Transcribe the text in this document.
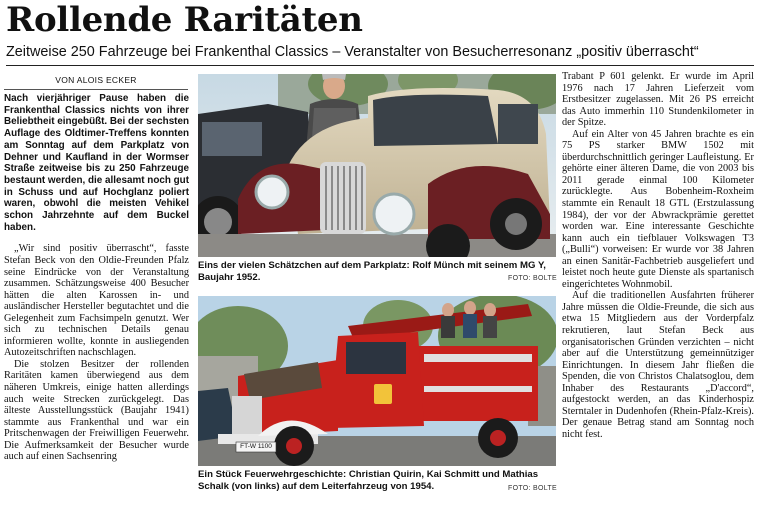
Rollende Raritäten
Zeitweise 250 Fahrzeuge bei Frankenthal Classics – Veranstalter von Besucherresonanz „positiv überrascht“
VON ALOIS ECKER

Nach vierjähriger Pause haben die Frankenthal Classics nichts von ihrer Beliebtheit eingebüßt. Bei der sechsten Auflage des Oldtimer-Treffens konnten am Sonntag auf dem Parkplatz von Dehner und Kaufland in der Wormser Straße zeitweise bis zu 250 Fahrzeuge bestaunt werden, die allesamt noch gut in Schuss und auf Hochglanz poliert waren, obwohl die meisten Vehikel schon Jahrzehnte auf dem Buckel haben.

„Wir sind positiv überrascht“, fasste Stefan Beck von den Oldie-Freunden Pfalz seine Eindrücke von der Veranstaltung zusammen. Schätzungsweise 400 Besucher hätten die alten Karossen in- und ausländischer Hersteller begutachtet und die Gelegenheit zum Fachsimpeln genutzt. Wer sich zu technischen Details genau informieren wollte, konnte in ausliegenden Autozeitschriften nachschlagen.

Die stolzen Besitzer der rollenden Raritäten kamen überwiegend aus dem näheren Umkreis, einige hatten allerdings auch weite Strecken zurückgelegt. Das älteste Ausstellungsstück (Baujahr 1941) stammte aus Frankenthal und war ein Pritschenwagen der Freiwilligen Feuerwehr. Die Aufmerksamkeit der Besucher wurde auch auf einen Sachsenring

Eins der vielen Schätzchen auf dem Parkplatz: Rolf Münch mit seinem MG Y, Baujahr 1952.	FOTO: BOLTE
FT-W 1100
Ein Stück Feuerwehrgeschichte: Christian Quirin, Kai Schmitt und Mathias Schalk (von links) auf dem Leiterfahrzeug von 1954.	FOTO: BOLTE

Trabant P 601 gelenkt. Er wurde im April 1976 nach 17 Jahren Lieferzeit vom Erstbesitzer zugelassen. Mit 26 PS erreicht das Auto immerhin 110 Stundenkilometer in der Spitze.

Auf ein Alter von 45 Jahren brachte es ein 75 PS starker BMW 1502 mit überdurchschnittlich geringer Laufleistung. Er gehörte einer älteren Dame, die von 2003 bis 2011 gerade einmal 100 Kilometer zurücklegte. Aus Bobenheim-Roxheim stammte ein Renault 18 GTL (Erstzulassung 1984), der vor der Abwrackprämie gerettet worden war. Eine interessante Geschichte kann auch ein tiefblauer Volkswagen T3 („Bulli“) vorweisen: Er wurde vor 38 Jahren an einen Sanitär-Fachbetrieb ausgeliefert und leistet noch heute gute Dienste als spartanisch eingerichtetes Wohnmobil.

Auf die traditionellen Ausfahrten früherer Jahre müssen die Oldie-Freunde, die sich aus etwa 15 Mitgliedern aus der Vorderpfalz rekrutieren, laut Stefan Beck aus organisatorischen Gründen verzichten – nicht aber auf die Unterstützung gemeinnütziger Einrichtungen. In diesem Jahr fließen die Spenden, die von Christos Chalatsoglou, dem Inhaber des Restaurants „D'accord“, aufgestockt werden, an das Kinderhospiz Sterntaler in Dudenhofen (Rhein-Pfalz-Kreis). Der genaue Betrag stand am Sonntag noch nicht fest.
